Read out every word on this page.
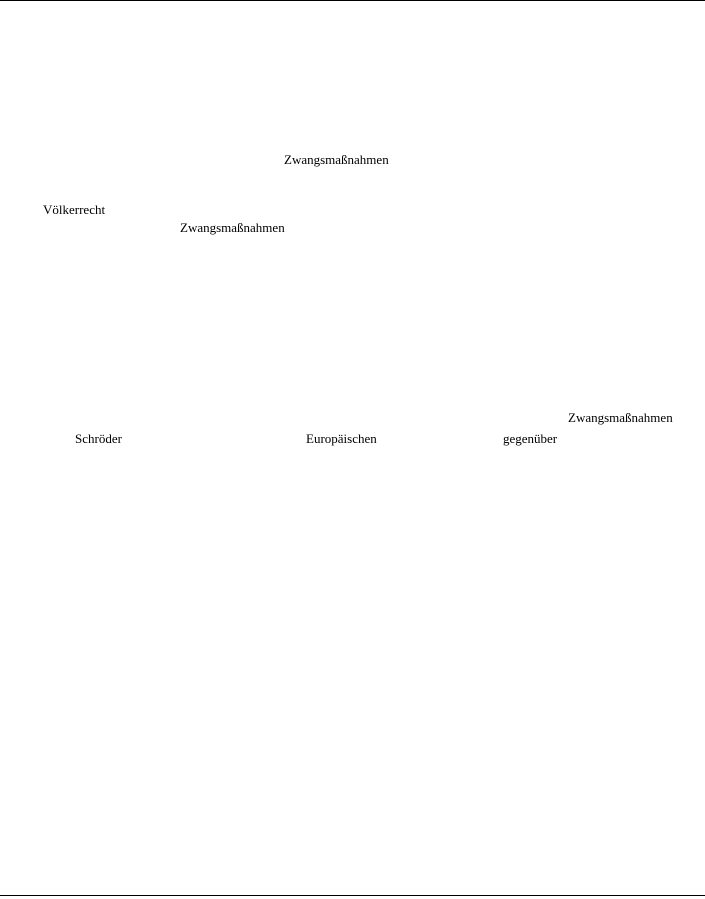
Zwangsmaßnahmen
Völkerrecht
Zwangsmaßnahmen
Zwangsmaßnahmen
Schröder	Europäischen	gegenüber
